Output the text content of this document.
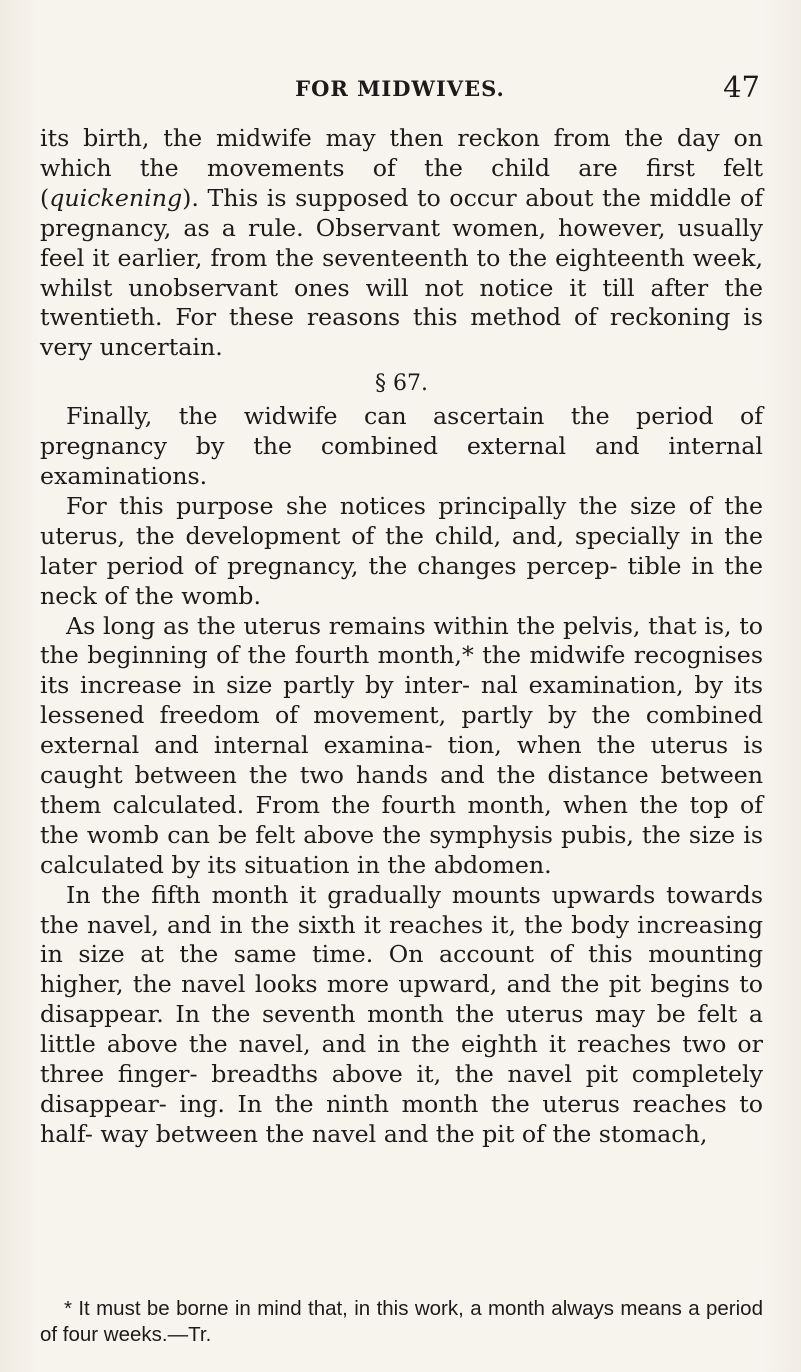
FOR MIDWIVES.	47

its birth, the midwife may then reckon from the day on which the movements of the child are first felt (quickening). This is supposed to occur about the middle of pregnancy, as a rule. Observant women, however, usually feel it earlier, from the seventeenth to the eighteenth week, whilst unobservant ones will not notice it till after the twentieth. For these reasons this method of reckoning is very uncertain.

§ 67.

Finally, the widwife can ascertain the period of pregnancy by the combined external and internal examinations.

For this purpose she notices principally the size of the uterus, the development of the child, and, specially in the later period of pregnancy, the changes percep- tible in the neck of the womb.

As long as the uterus remains within the pelvis, that is, to the beginning of the fourth month,* the midwife recognises its increase in size partly by inter- nal examination, by its lessened freedom of movement, partly by the combined external and internal examina- tion, when the uterus is caught between the two hands and the distance between them calculated. From the fourth month, when the top of the womb can be felt above the symphysis pubis, the size is calculated by its situation in the abdomen.

In the fifth month it gradually mounts upwards towards the navel, and in the sixth it reaches it, the body increasing in size at the same time. On account of this mounting higher, the navel looks more upward, and the pit begins to disappear. In the seventh month the uterus may be felt a little above the navel, and in the eighth it reaches two or three finger- breadths above it, the navel pit completely disappear- ing. In the ninth month the uterus reaches to half- way between the navel and the pit of the stomach,

* It must be borne in mind that, in this work, a month always means a period of four weeks.—Tr.
